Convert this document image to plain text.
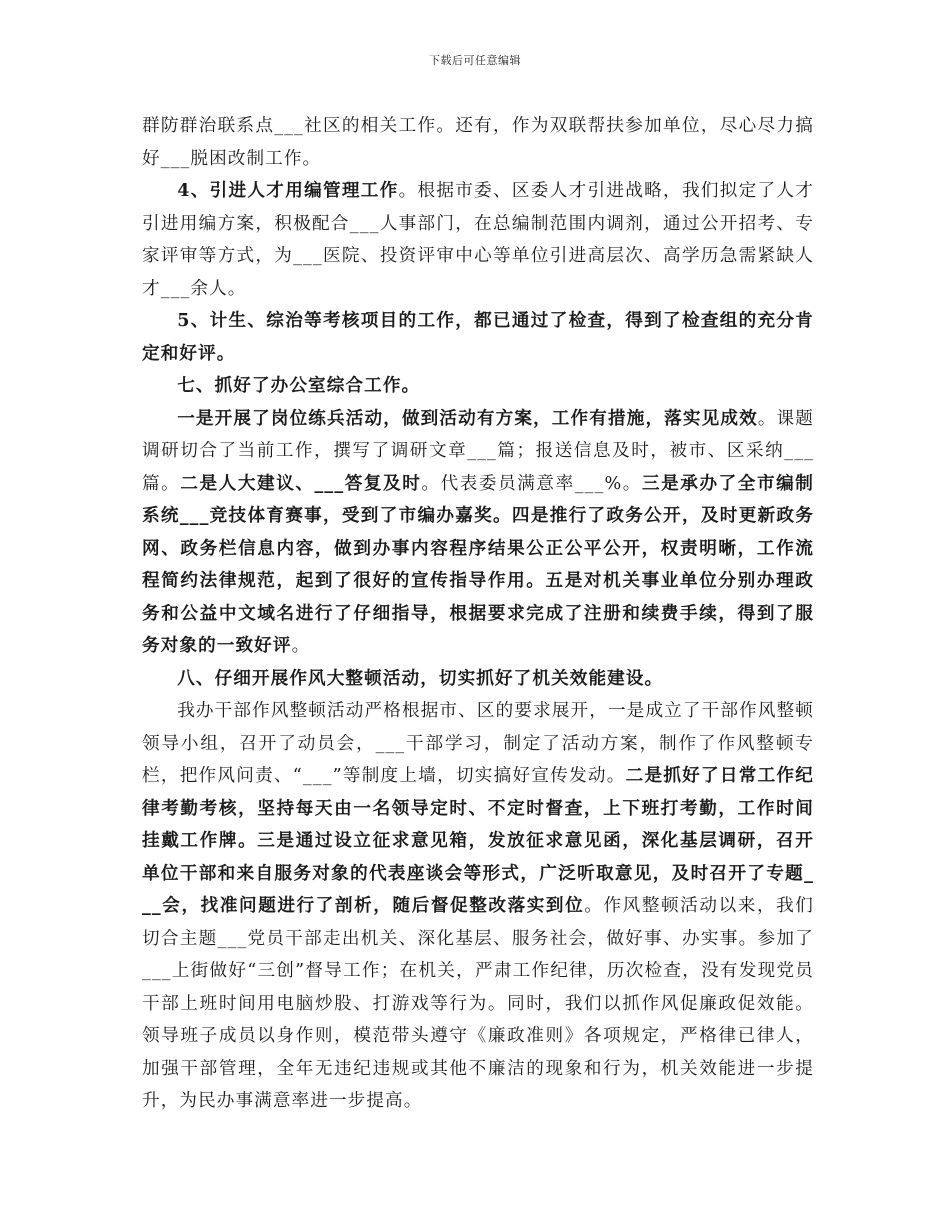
下载后可任意编辑

群防群治联系点___社区的相关工作。还有，作为双联帮扶参加单位，尽心尽力搞好___脱困改制工作。

4、引进人才用编管理工作。根据市委、区委人才引进战略，我们拟定了人才引进用编方案，积极配合___人事部门，在总编制范围内调剂，通过公开招考、专家评审等方式，为___医院、投资评审中心等单位引进高层次、高学历急需紧缺人才___余人。

5、计生、综治等考核项目的工作，都已通过了检查，得到了检查组的充分肯定和好评。

七、抓好了办公室综合工作。

一是开展了岗位练兵活动，做到活动有方案，工作有措施，落实见成效。课题调研切合了当前工作，撰写了调研文章___篇；报送信息及时，被市、区采纳___篇。二是人大建议、___答复及时。代表委员满意率___%。三是承办了全市编制系统___竞技体育赛事，受到了市编办嘉奖。四是推行了政务公开，及时更新政务网、政务栏信息内容，做到办事内容程序结果公正公平公开，权责明晰，工作流程简约法律规范，起到了很好的宣传指导作用。五是对机关事业单位分别办理政务和公益中文域名进行了仔细指导，根据要求完成了注册和续费手续，得到了服务对象的一致好评。

八、仔细开展作风大整顿活动，切实抓好了机关效能建设。

我办干部作风整顿活动严格根据市、区的要求展开，一是成立了干部作风整顿领导小组，召开了动员会，___干部学习，制定了活动方案，制作了作风整顿专栏，把作风问责、“___”等制度上墙，切实搞好宣传发动。二是抓好了日常工作纪律考勤考核，坚持每天由一名领导定时、不定时督查，上下班打考勤，工作时间挂戴工作牌。三是通过设立征求意见箱，发放征求意见函，深化基层调研，召开单位干部和来自服务对象的代表座谈会等形式，广泛听取意见，及时召开了专题___会，找准问题进行了剖析，随后督促整改落实到位。作风整顿活动以来，我们切合主题___党员干部走出机关、深化基层、服务社会，做好事、办实事。参加了___上街做好“三创”督导工作；在机关，严肃工作纪律，历次检查，没有发现党员干部上班时间用电脑炒股、打游戏等行为。同时，我们以抓作风促廉政促效能。领导班子成员以身作则，模范带头遵守《廉政准则》各项规定，严格律已律人，加强干部管理，全年无违纪违规或其他不廉洁的现象和行为，机关效能进一步提升，为民办事满意率进一步提高。
